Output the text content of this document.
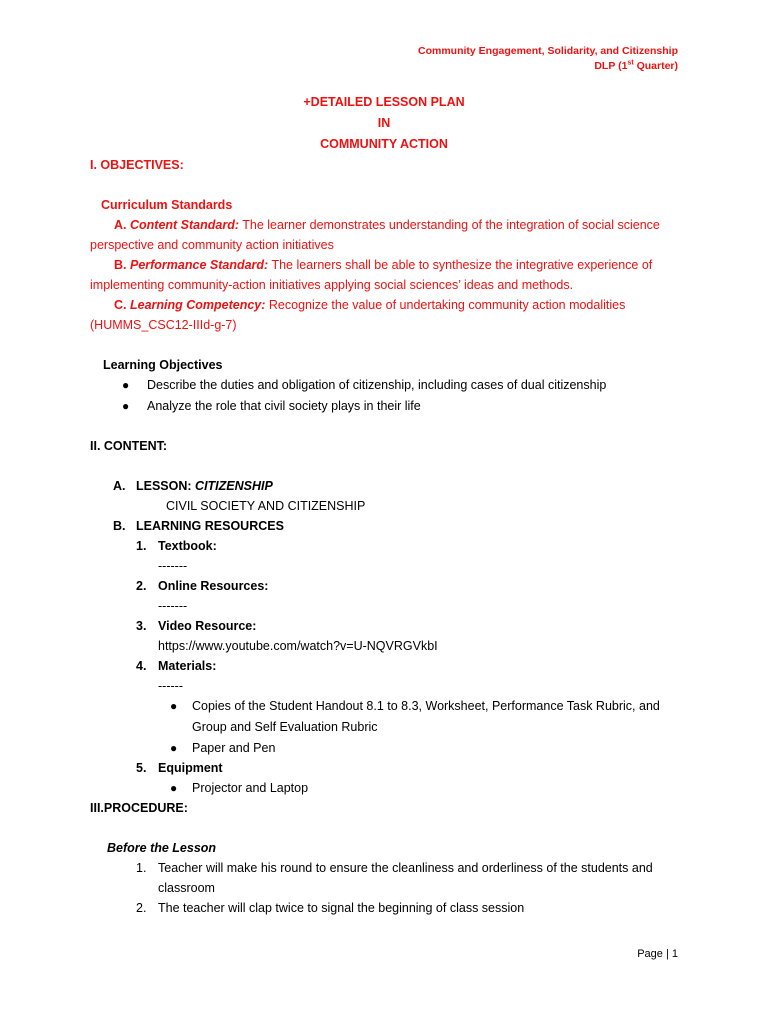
Community Engagement, Solidarity, and Citizenship
DLP (1st Quarter)
+DETAILED LESSON PLAN
IN
COMMUNITY ACTION
I. OBJECTIVES:
Curriculum Standards
A. Content Standard: The learner demonstrates understanding of the integration of social science
perspective and community action initiatives
B. Performance Standard: The learners shall be able to synthesize the integrative experience of
implementing community-action initiatives applying social sciences’ ideas and methods.
C. Learning Competency: Recognize the value of undertaking community action modalities
(HUMMS_CSC12-IIId-g-7)
Learning Objectives
● Describe the duties and obligation of citizenship, including cases of dual citizenship
● Analyze the role that civil society plays in their life
II. CONTENT:
A. LESSON: CITIZENSHIP
CIVIL SOCIETY AND CITIZENSHIP
B. LEARNING RESOURCES
1. Textbook:
-------
2. Online Resources:
-------
3. Video Resource:
https://www.youtube.com/watch?v=U-NQVRGVkbI
4. Materials:
------
● Copies of the Student Handout 8.1 to 8.3, Worksheet, Performance Task Rubric, and
Group and Self Evaluation Rubric
● Paper and Pen
5. Equipment
● Projector and Laptop
III.PROCEDURE:
Before the Lesson
1. Teacher will make his round to ensure the cleanliness and orderliness of the students and
classroom
2. The teacher will clap twice to signal the beginning of class session
Page | 1
